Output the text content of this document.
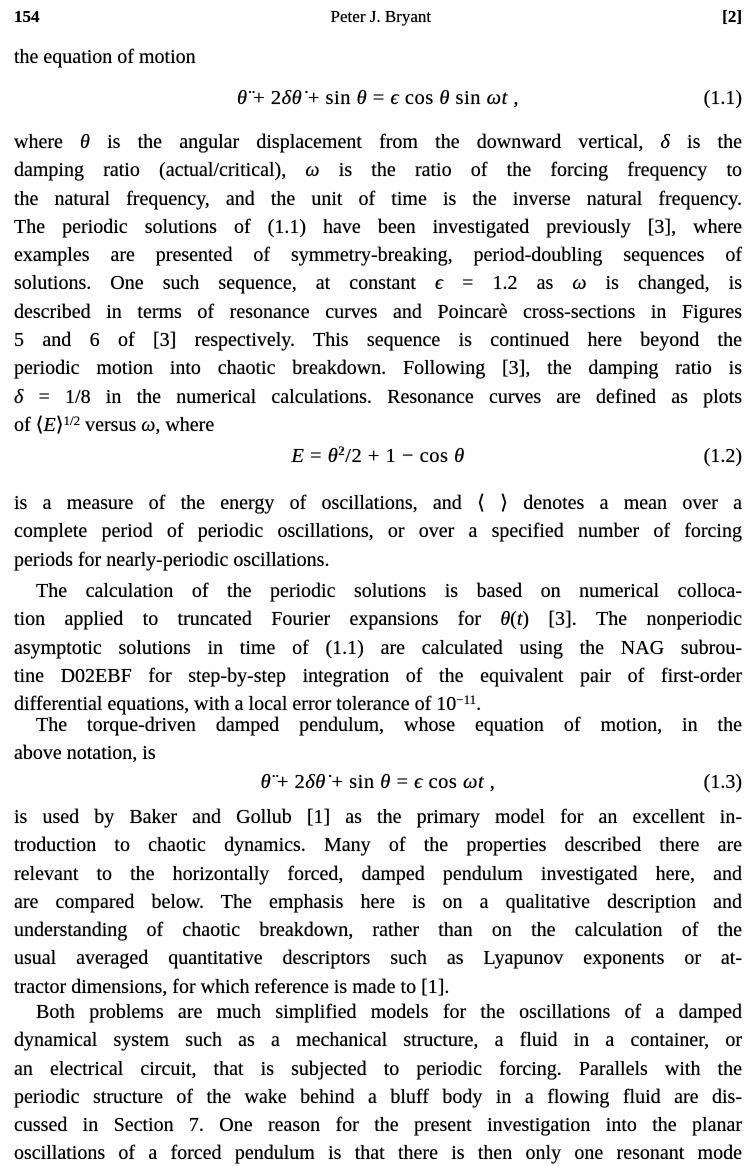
154	Peter J. Bryant	[2]
the equation of motion
θ̈ + 2δθ̇ + sin θ = ϵ cos θ sin ωt ,	(1.1)
where θ is the angular displacement from the downward vertical, δ is the
damping ratio (actual/critical), ω is the ratio of the forcing frequency to
the natural frequency, and the unit of time is the inverse natural frequency.
The periodic solutions of (1.1) have been investigated previously [3], where
examples are presented of symmetry-breaking, period-doubling sequences of
solutions. One such sequence, at constant ϵ = 1.2 as ω is changed, is
described in terms of resonance curves and Poincarè cross-sections in Figures
5 and 6 of [3] respectively. This sequence is continued here beyond the
periodic motion into chaotic breakdown. Following [3], the damping ratio is
δ = 1/8 in the numerical calculations. Resonance curves are defined as plots
of ⟨E⟩$^{1/2}$ versus ω, where
E = θ̇$^2$/2 + 1 − cos θ	(1.2)
is a measure of the energy of oscillations, and ⟨ ⟩ denotes a mean over a
complete period of periodic oscillations, or over a specified number of forcing
periods for nearly-periodic oscillations.
The calculation of the periodic solutions is based on numerical colloca-
tion applied to truncated Fourier expansions for θ(t) [3]. The nonperiodic
asymptotic solutions in time of (1.1) are calculated using the NAG subrou-
tine D02EBF for step-by-step integration of the equivalent pair of first-order
differential equations, with a local error tolerance of $10^{-11}$.
The torque-driven damped pendulum, whose equation of motion, in the
above notation, is
θ̈ + 2δθ̇ + sin θ = ϵ cos ωt ,	(1.3)
is used by Baker and Gollub [1] as the primary model for an excellent in-
troduction to chaotic dynamics. Many of the properties described there are
relevant to the horizontally forced, damped pendulum investigated here, and
are compared below. The emphasis here is on a qualitative description and
understanding of chaotic breakdown, rather than on the calculation of the
usual averaged quantitative descriptors such as Lyapunov exponents or at-
tractor dimensions, for which reference is made to [1].
Both problems are much simplified models for the oscillations of a damped
dynamical system such as a mechanical structure, a fluid in a container, or
an electrical circuit, that is subjected to periodic forcing. Parallels with the
periodic structure of the wake behind a bluff body in a flowing fluid are dis-
cussed in Section 7. One reason for the present investigation into the planar
oscillations of a forced pendulum is that there is then only one resonant mode
